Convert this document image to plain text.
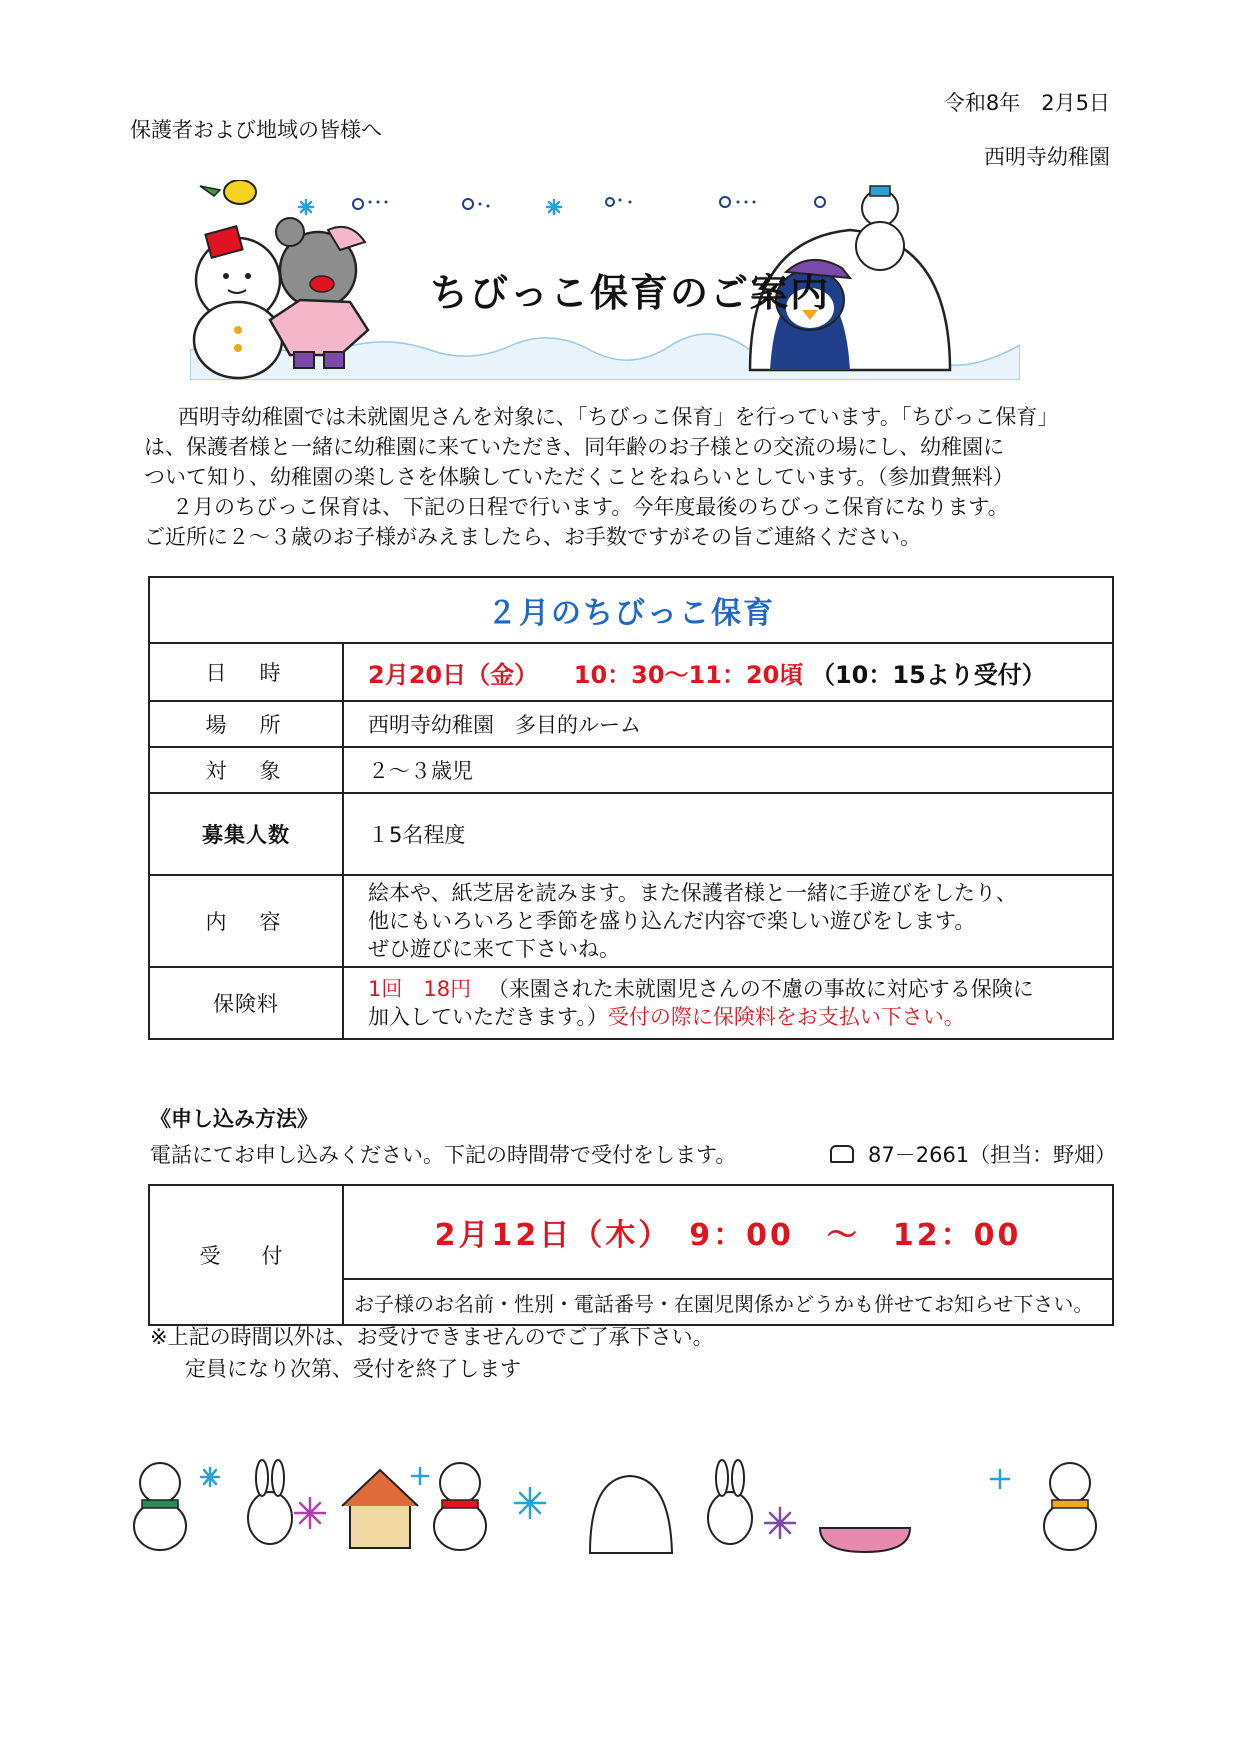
令和8年　2月5日
保護者および地域の皆様へ
西明寺幼稚園
ちびっこ保育のご案内

西明寺幼稚園では未就園児さんを対象に、「ちびっこ保育」を行っています。「ちびっこ保育」

は、保護者様と一緒に幼稚園に来ていただき、同年齢のお子様との交流の場にし、幼稚園に

ついて知り、幼稚園の楽しさを体験していただくことをねらいとしています。（参加費無料）

２月のちびっこ保育は、下記の日程で行います。今年度最後のちびっこ保育になります。

ご近所に２～３歳のお子様がみえましたら、お手数ですがその旨ご連絡ください。

２月のちびっこ保育	
日　時	2月20日（金） 10：30～11：20頃 （10：15より受付）
場　所	西明寺幼稚園　多目的ルーム
対　象	２～３歳児
募集人数	１5名程度
内　容	絵本や、紙芝居を読みます。また保護者様と一緒に手遊びをしたり、
他にもいろいろと季節を盛り込んだ内容で楽しい遊びをします。
ぜひ遊びに来て下さいね。

保険料	1回　18円 （来園された未就園児さんの不慮の事故に対応する保険に
加入していただきます。）受付の際に保険料をお支払い下さい。
《申し込み方法》
電話にてお申し込みください。下記の時間帯で受付をします。	87－2661（担当：野畑）
受　付	2月12日（木）　9：00　～　12：00
お子様のお名前・性別・電話番号・在園児関係かどうかも併せてお知らせ下さい。
※上記の時間以外は、お受けできませんのでご了承下さい。
定員になり次第、受付を終了します
